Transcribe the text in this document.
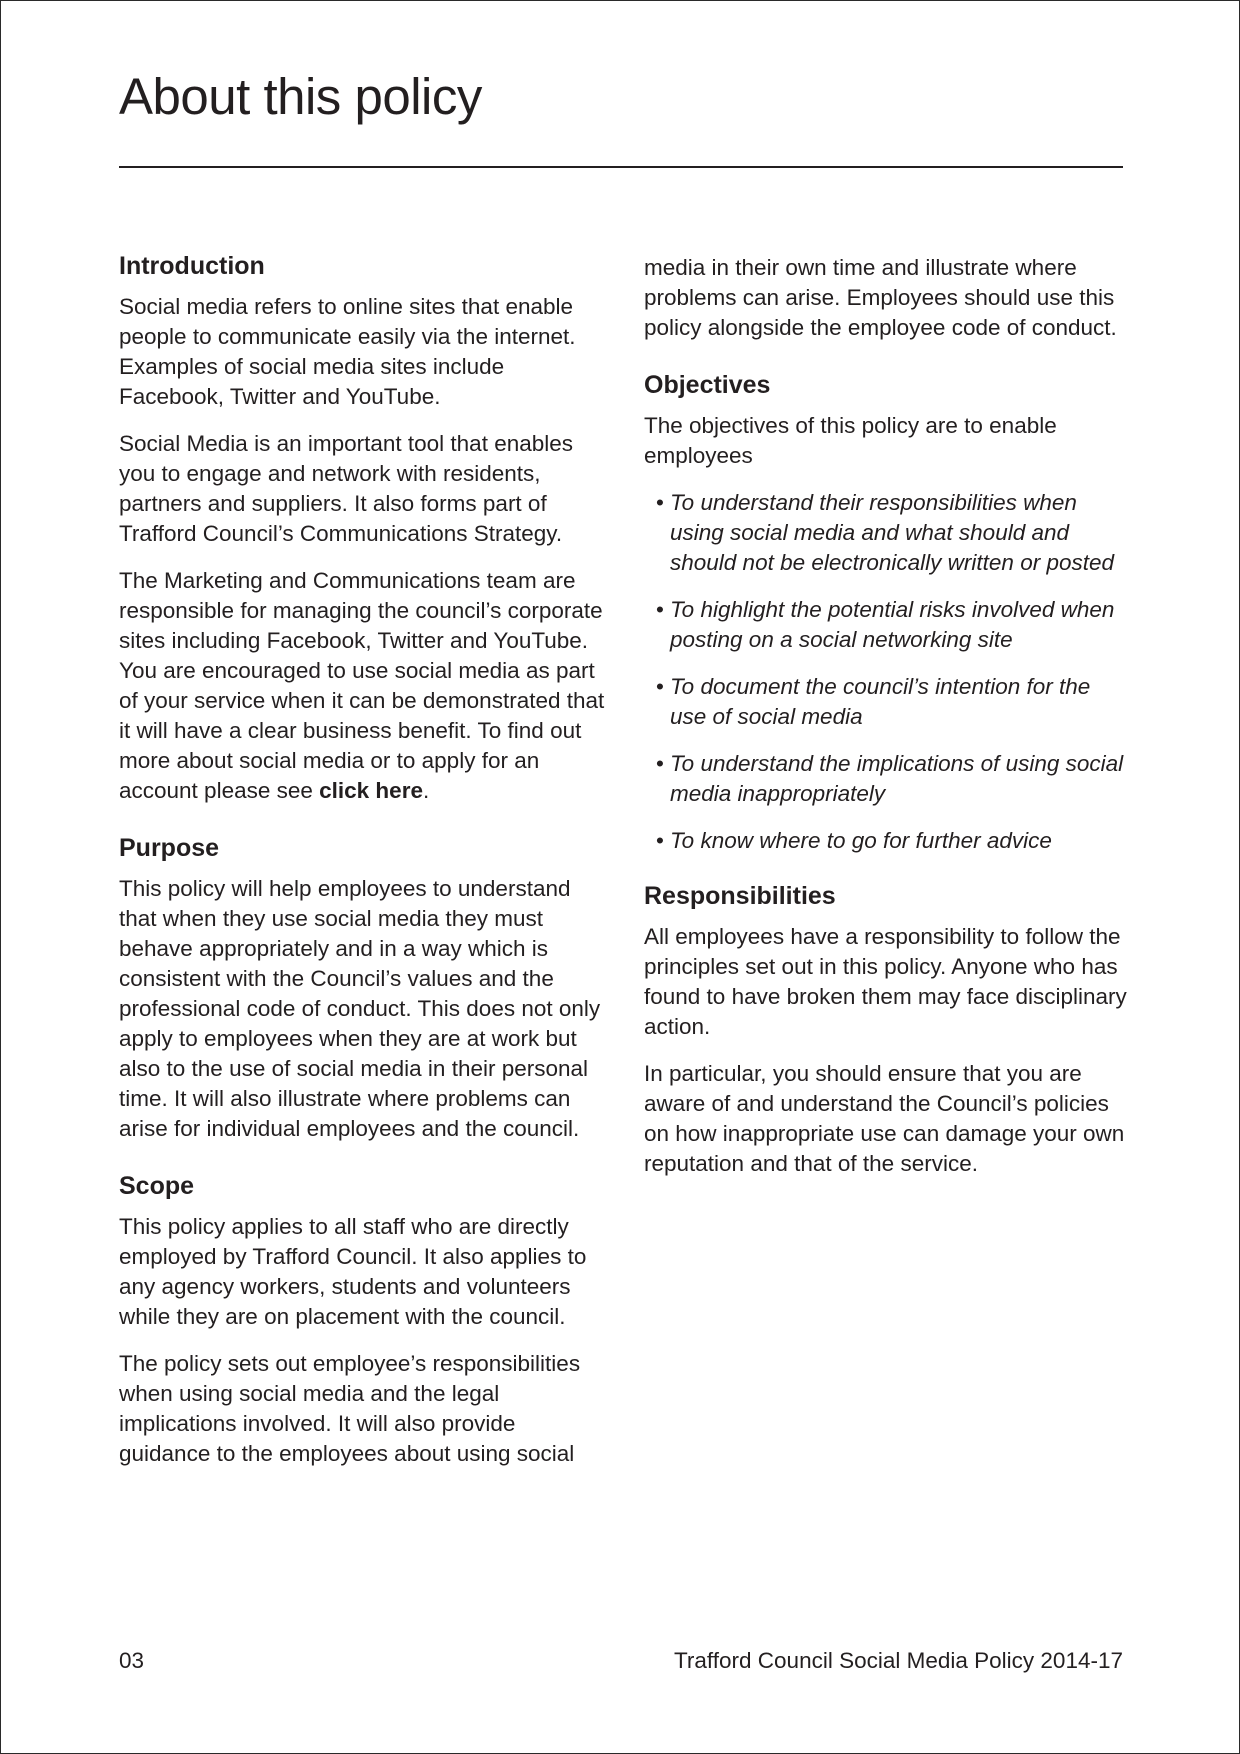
About this policy
Introduction

Social media refers to online sites that enable people to communicate easily via the internet. Examples of social media sites include Facebook, Twitter and YouTube.

Social Media is an important tool that enables you to engage and network with residents, partners and suppliers. It also forms part of Trafford Council’s Communications Strategy.

The Marketing and Communications team are responsible for managing the council’s corporate sites including Facebook, Twitter and YouTube. You are encouraged to use social media as part of your service when it can be demonstrated that it will have a clear business benefit. To find out more about social media or to apply for an account please see click here.

Purpose

This policy will help employees to understand that when they use social media they must behave appropriately and in a way which is consistent with the Council’s values and the professional code of conduct. This does not only apply to employees when they are at work but also to the use of social media in their personal time. It will also illustrate where problems can arise for individual employees and the council.

Scope

This policy applies to all staff who are directly employed by Trafford Council. It also applies to any agency workers, students and volunteers while they are on placement with the council.

The policy sets out employee’s responsibilities when using social media and the legal implications involved. It will also provide guidance to the employees about using social

media in their own time and illustrate where problems can arise. Employees should use this policy alongside the employee code of conduct.

Objectives

The objectives of this policy are to enable employees

• To understand their responsibilities when using social media and what should and should not be electronically written or posted
• To highlight the potential risks involved when posting on a social networking site
• To document the council’s intention for the use of social media
• To understand the implications of using social media inappropriately
• To know where to go for further advice
Responsibilities

All employees have a responsibility to follow the principles set out in this policy. Anyone who has found to have broken them may face disciplinary action.

In particular, you should ensure that you are aware of and understand the Council’s policies on how inappropriate use can damage your own reputation and that of the service.

03	Trafford Council Social Media Policy 2014-17
